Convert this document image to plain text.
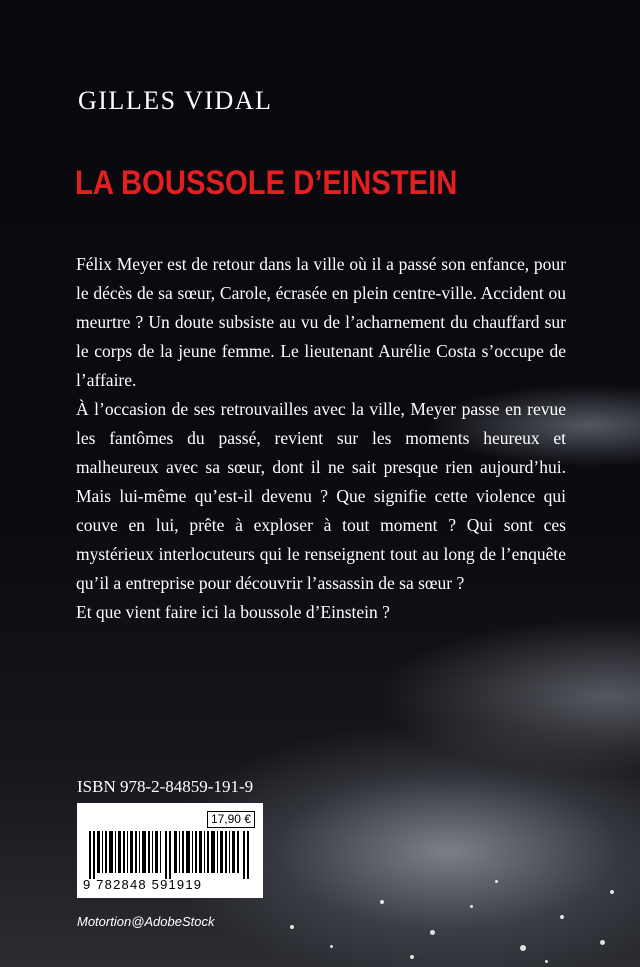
GILLES VIDAL
LA BOUSSOLE D’EINSTEIN

Félix Meyer est de retour dans la ville où il a passé son enfance, pour le décès de sa sœur, Carole, écrasée en plein centre-ville. Accident ou meurtre ? Un doute subsiste au vu de l’acharnement du chauffard sur le corps de la jeune femme. Le lieutenant Aurélie Costa s’occupe de l’affaire.

À l’occasion de ses retrouvailles avec la ville, Meyer passe en revue les fantômes du passé, revient sur les moments heureux et malheureux avec sa sœur, dont il ne sait presque rien aujourd’hui. Mais lui-même qu’est-il devenu ? Que signifie cette violence qui couve en lui, prête à exploser à tout moment ? Qui sont ces mystérieux interlocuteurs qui le renseignent tout au long de l’enquête qu’il a entreprise pour découvrir l’assassin de sa sœur ?

Et que vient faire ici la boussole d’Einstein ?

ISBN 978-2-84859-191-9
17,90 €
9 782848 591919
Motortion@AdobeStock
